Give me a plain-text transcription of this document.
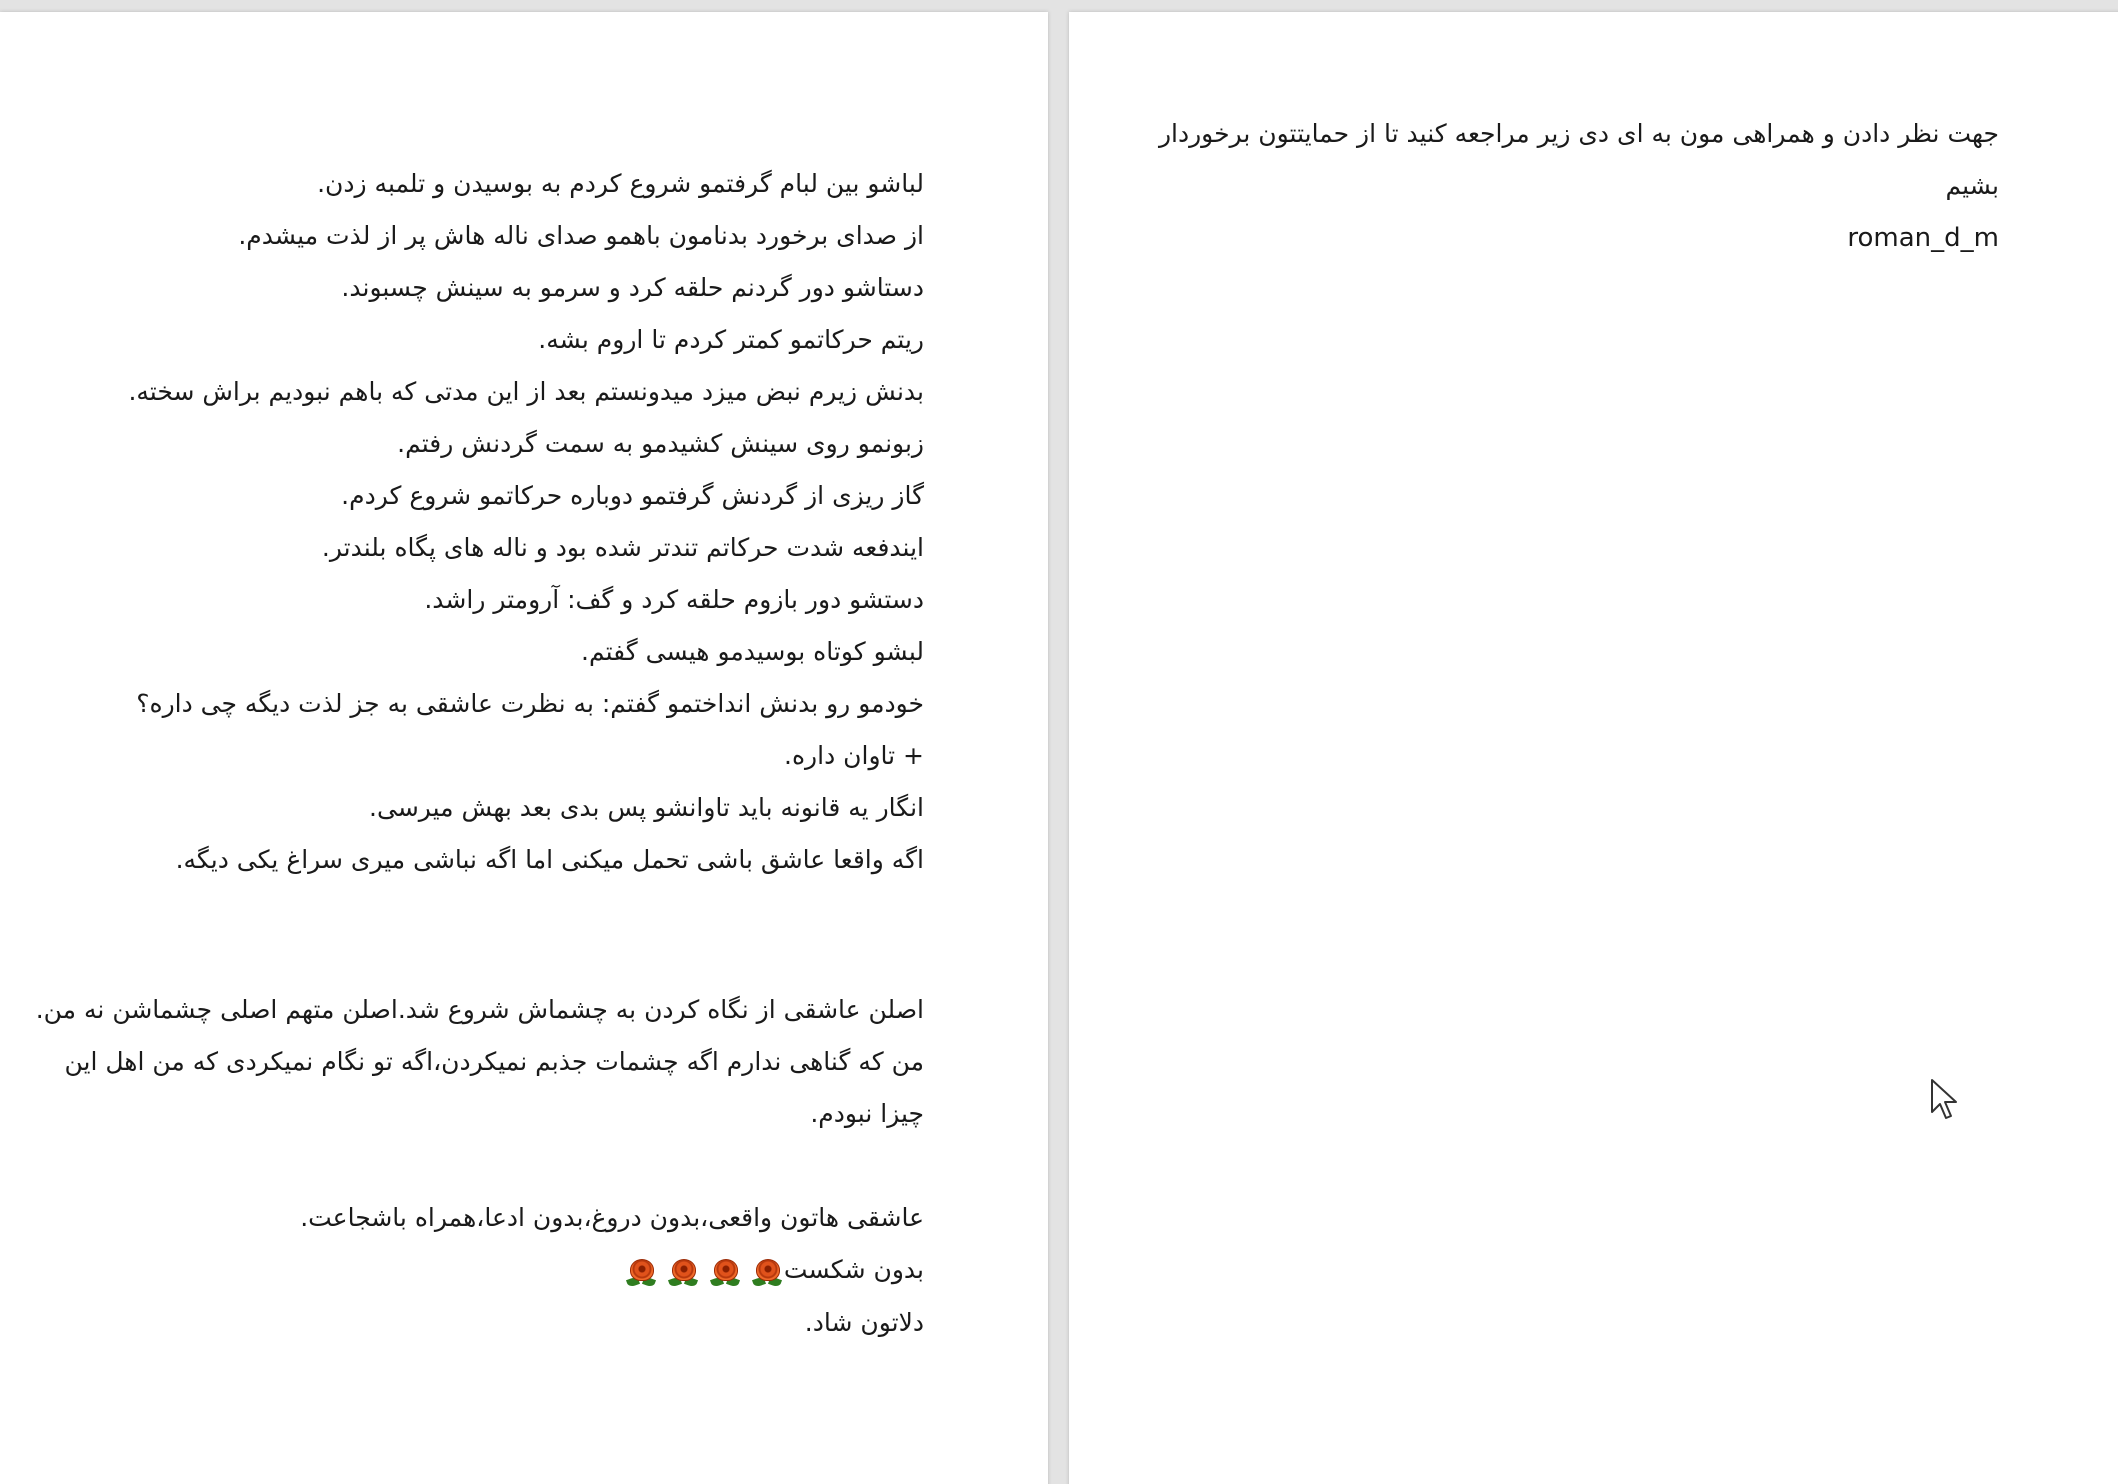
لباشو بین لبام گرفتمو شروع کردم به بوسیدن و تلمبه زدن.
از صدای برخورد بدنامون باهمو صدای ناله هاش پر از لذت میشدم.
دستاشو دور گردنم حلقه کرد و سرمو به سینش چسبوند.
ریتم حرکاتمو کمتر کردم تا اروم بشه.
بدنش زیرم نبض میزد میدونستم بعد از این مدتی که باهم نبودیم براش سخته.
زبونمو روی سینش کشیدمو به سمت گردنش رفتم.
گاز ریزی از گردنش گرفتمو دوباره حرکاتمو شروع کردم.
ایندفعه شدت حرکاتم تندتر شده بود و ناله های پگاه بلندتر.
دستشو دور بازوم حلقه کرد و گف: آرومتر راشد.
لبشو کوتاه بوسیدمو هیسی گفتم.
خودمو رو بدنش انداختمو گفتم: به نظرت عاشقی به جز لذت دیگه چی داره؟
+ تاوان داره.
انگار یه قانونه باید تاوانشو پس بدی بعد بهش میرسی.
اگه واقعا عاشق باشی تحمل میکنی اما اگه نباشی میری سراغ یکی دیگه.
اصلن عاشقی از نگاه کردن به چشماش شروع شد.اصلن متهم اصلی چشماشن نه من.
من که گناهی ندارم اگه چشمات جذبم نمیکردن،اگه تو نگام نمیکردی که من اهل این چیزا نبودم.
عاشقی هاتون واقعی،بدون دروغ،بدون ادعا،همراه باشجاعت.
بدون شکست

دلاتون شاد.
جهت نظر دادن و همراهی مون به ای دی زیر مراجعه کنید تا از حمایتتون برخوردار بشیم
roman_d_m
